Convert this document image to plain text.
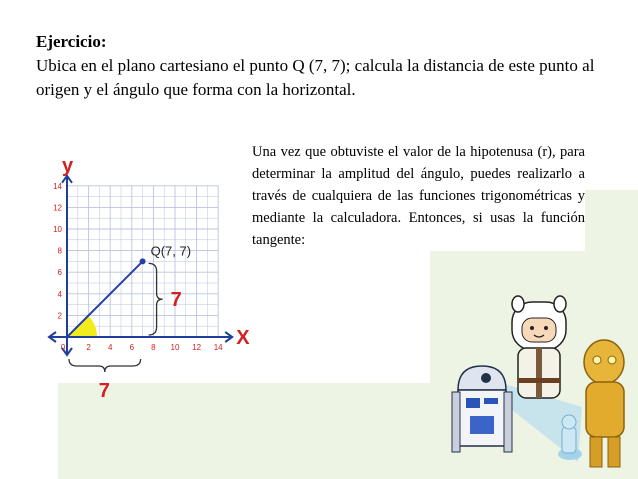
Ejercicio:
Ubica en el plano cartesiano el punto Q (7, 7); calcula la distancia de este punto al origen y el ángulo que forma con la horizontal.
2 4 6 8 10 12 14
2
4
6
8
10
12
14
0
Q(7, 7)
7
7
X
y
Una vez que obtuviste el valor de la hipotenusa (r), para determinar la amplitud del ángulo, puedes realizarlo a través de cualquiera de las funciones trigonométricas y mediante la calculadora. Entonces, si usas la función tangente:
